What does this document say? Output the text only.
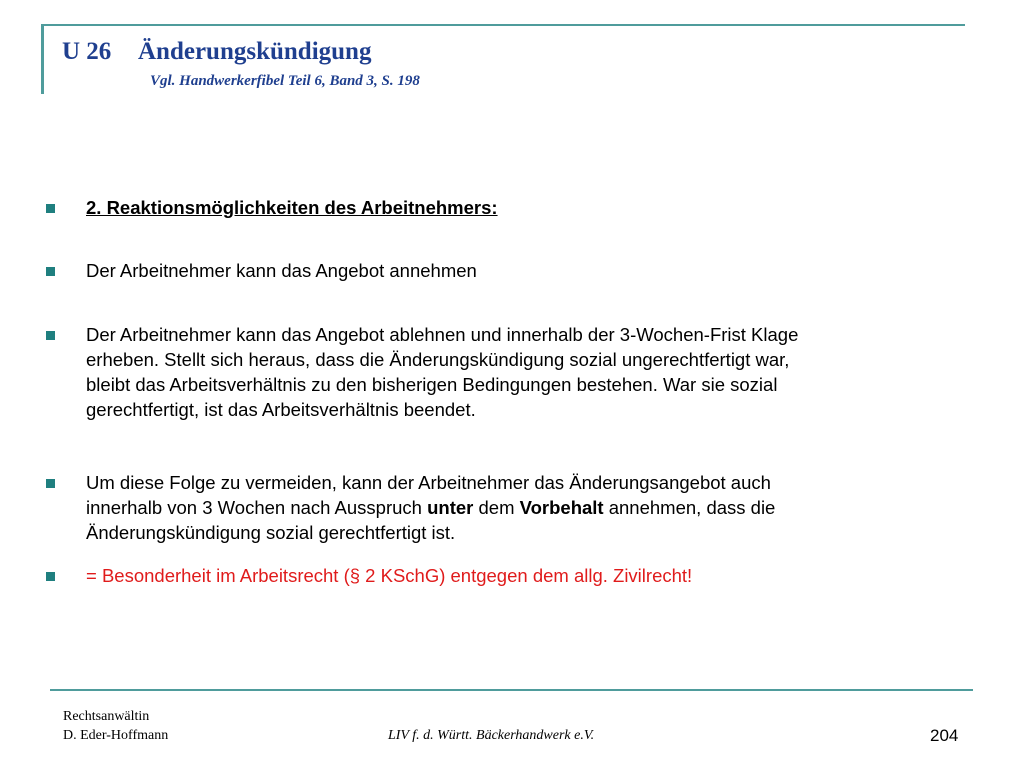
U 26 Änderungskündigung
Vgl. Handwerkerfibel Teil 6, Band 3, S. 198
2. Reaktionsmöglichkeiten des Arbeitnehmers:
Der Arbeitnehmer kann das Angebot annehmen
Der Arbeitnehmer kann das Angebot ablehnen und innerhalb der 3-Wochen-Frist Klage
erheben. Stellt sich heraus, dass die Änderungskündigung sozial ungerechtfertigt war,
bleibt das Arbeitsverhältnis zu den bisherigen Bedingungen bestehen. War sie sozial
gerechtfertigt, ist das Arbeitsverhältnis beendet.
Um diese Folge zu vermeiden, kann der Arbeitnehmer das Änderungsangebot auch
innerhalb von 3 Wochen nach Ausspruch unter dem Vorbehalt annehmen, dass die
Änderungskündigung sozial gerechtfertigt ist.
= Besonderheit im Arbeitsrecht (§ 2 KSchG) entgegen dem allg. Zivilrecht!
Rechtsanwältin
D. Eder-Hoffmann	LIV f. d. Württ. Bäckerhandwerk e.V.	204
